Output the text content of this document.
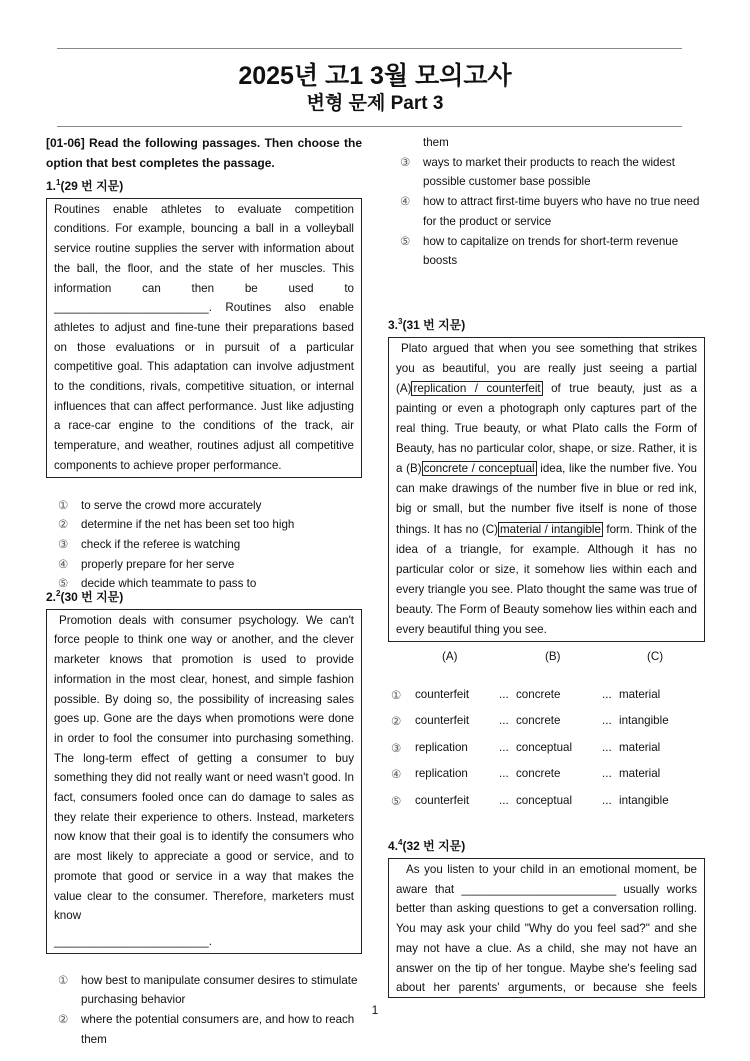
2025년 고1 3월 모의고사
변형 문제 Part 3
[01-06] Read the following passages. Then choose the option that best completes the passage.
1.$^1$(29 번 지문)
Routines enable athletes to evaluate competition conditions. For example, bouncing a ball in a volleyball service routine supplies the server with information about the ball, the floor, and the state of her muscles. This information can then be used to ________________________. Routines also enable athletes to adjust and fine-tune their preparations based on those evaluations or in pursuit of a particular competitive goal. This adaptation can involve adjustment to the conditions, rivals, competitive situation, or internal influences that can affect performance. Just like adjusting a race-car engine to the conditions of the track, air temperature, and weather, routines adjust all competitive components to achieve proper performance.
① to serve the crowd more accurately
② determine if the net has been set too high
③ check if the referee is watching
④ properly prepare for her serve
⑤ decide which teammate to pass to
2.$^2$(30 번 지문)
Promotion deals with consumer psychology. We can't force people to think one way or another, and the clever marketer knows that promotion is used to provide information in the most clear, honest, and simple fashion possible. By doing so, the possibility of increasing sales goes up. Gone are the days when promotions were done in order to fool the consumer into purchasing something. The long-term effect of getting a consumer to buy something they did not really want or need wasn't good. In fact, consumers fooled once can do damage to sales as they relate their experience to others. Instead, marketers now know that their goal is to identify the consumers who are most likely to appreciate a good or service, and to promote that good or service in a way that makes the value clear to the consumer. Therefore, marketers must know
________________________.
① how best to manipulate consumer desires to stimulate purchasing behavior
② where the potential consumers are, and how to reach them
them
③ ways to market their products to reach the widest possible customer base possible
④ how to attract first-time buyers who have no true need for the product or service
⑤ how to capitalize on trends for short-term revenue boosts
3.$^3$(31 번 지문)
Plato argued that when you see something that strikes you as beautiful, you are really just seeing a partial (A) replication / counterfeit of true beauty, just as a painting or even a photograph only captures part of the real thing. True beauty, or what Plato calls the Form of Beauty, has no particular color, shape, or size. Rather, it is a (B) concrete / conceptual idea, like the number five. You can make drawings of the number five in blue or red ink, big or small, but the number five itself is none of those things. It has no (C) material / intangible form. Think of the idea of a triangle, for example. Although it has no particular color or size, it somehow lies within each and every triangle you see. Plato thought the same was true of beauty. The Form of Beauty somehow lies within each and every beautiful thing you see.
(A)	(B)	(C)
① counterfeit	... concrete	... material
② counterfeit	... concrete	... intangible
③ replication	... conceptual	... material
④ replication	... concrete	... material
⑤ counterfeit	... conceptual	... intangible
4.$^4$(32 번 지문)
As you listen to your child in an emotional moment, be aware that ________________________ usually works better than asking questions to get a conversation rolling. You may ask your child "Why do you feel sad?" and she may not have a clue. As a child, she may not have an answer on the tip of her tongue. Maybe she's feeling sad about her parents' arguments, or because she feels
1
